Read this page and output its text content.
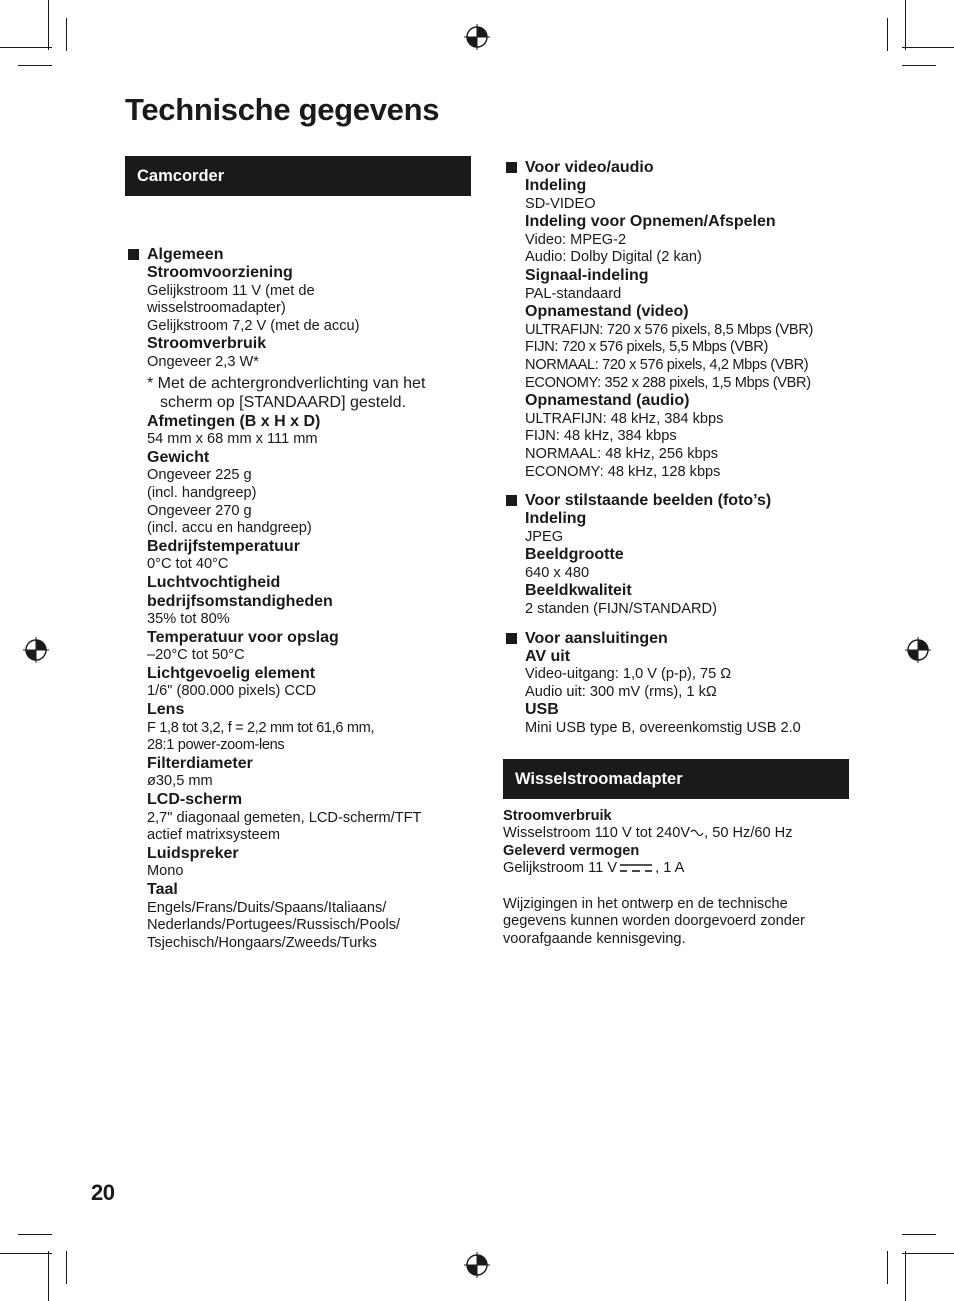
Technische gegevens
Camcorder
Algemeen
Stroomvoorziening
Gelijkstroom 11 V (met de
wisselstroomadapter)
Gelijkstroom 7,2 V (met de accu)
Stroomverbruik
Ongeveer 2,3 W*
* Met de achtergrondverlichting van het scherm op [STANDAARD] gesteld.
Afmetingen (B x H x D)
54 mm x 68 mm x 111 mm
Gewicht
Ongeveer 225 g
(incl. handgreep)
Ongeveer 270 g
(incl. accu en handgreep)
Bedrijfstemperatuur
0°C tot 40°C
Luchtvochtigheid
bedrijfsomstandigheden
35% tot 80%
Temperatuur voor opslag
–20°C tot 50°C
Lichtgevoelig element
1/6" (800.000 pixels) CCD
Lens
F 1,8 tot 3,2, f = 2,2 mm tot 61,6 mm,
28:1 power-zoom-lens
Filterdiameter
ø30,5 mm
LCD-scherm
2,7" diagonaal gemeten, LCD-scherm/TFT
actief matrixsysteem
Luidspreker
Mono
Taal
Engels/Frans/Duits/Spaans/Italiaans/
Nederlands/Portugees/Russisch/Pools/
Tsjechisch/Hongaars/Zweeds/Turks
Voor video/audio
Indeling
SD-VIDEO
Indeling voor Opnemen/Afspelen
Video: MPEG-2
Audio: Dolby Digital (2 kan)
Signaal-indeling
PAL-standaard
Opnamestand (video)
ULTRAFIJN: 720 x 576 pixels, 8,5 Mbps (VBR)
FIJN: 720 x 576 pixels, 5,5 Mbps (VBR)
NORMAAL: 720 x 576 pixels, 4,2 Mbps (VBR)
ECONOMY: 352 x 288 pixels, 1,5 Mbps (VBR)
Opnamestand (audio)
ULTRAFIJN: 48 kHz, 384 kbps
FIJN: 48 kHz, 384 kbps
NORMAAL: 48 kHz, 256 kbps
ECONOMY: 48 kHz, 128 kbps
Voor stilstaande beelden (foto’s)
Indeling
JPEG
Beeldgrootte
640 x 480
Beeldkwaliteit
2 standen (FIJN/STANDARD)
Voor aansluitingen
AV uit
Video-uitgang: 1,0 V (p-p), 75 Ω
Audio uit: 300 mV (rms), 1 kΩ
USB
Mini USB type B, overeenkomstig USB 2.0
Wisselstroomadapter
Stroomverbruik
Wisselstroom 110 V tot 240V , 50 Hz/60 Hz
Geleverd vermogen
Gelijkstroom 11 V	, 1 A
Wijzigingen in het ontwerp en de technische
gegevens kunnen worden doorgevoerd zonder
voorafgaande kennisgeving.
20
